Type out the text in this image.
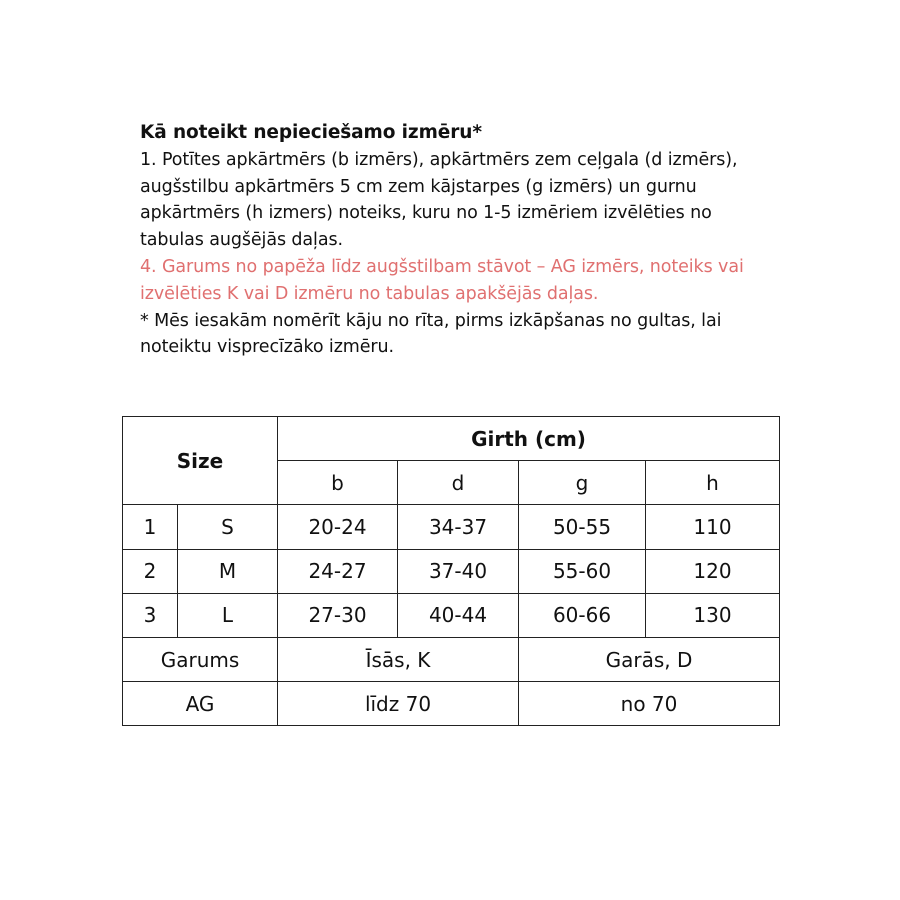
Kā noteikt nepieciešamo izmēru*

1. Potītes apkārtmērs (b izmērs), apkārtmērs zem ceļgala (d izmērs), augšstilbu apkārtmērs 5 cm zem kājstarpes (g izmērs) un gurnu apkārtmērs (h izmers) noteiks, kuru no 1-5 izmēriem izvēlēties no tabulas augšējās daļas.

4. Garums no papēža līdz augšstilbam stāvot – AG izmērs, noteiks vai izvēlēties K vai D izmēru no tabulas apakšējās daļas.

* Mēs iesakām nomērīt kāju no rīta, pirms izkāpšanas no gultas, lai noteiktu visprecīzāko izmēru.

Size		Girth (cm)			
		b	d	g	h
1	S	20-24	34-37	50-55	110
2	M	24-27	37-40	55-60	120
3	L	27-30	40-44	60-66	130
Garums		Īsās, K		Garās, D	
AG		līdz 70		no 70	
